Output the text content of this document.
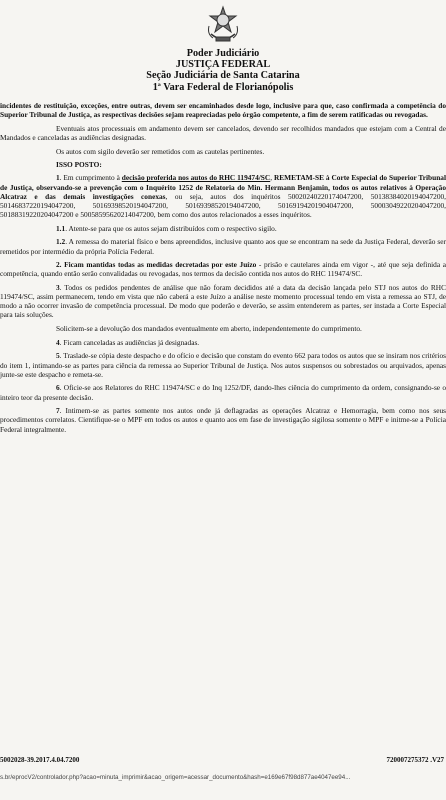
Poder Judiciário
JUSTIÇA FEDERAL
Seção Judiciária de Santa Catarina
1ª Vara Federal de Florianópolis

incidentes de restituição, exceções, entre outras, devem ser encaminhados desde logo, inclusive para que, caso confirmada a competência do Superior Tribunal de Justiça, as respectivas decisões sejam reapreciadas pelo órgão competente, a fim de serem ratificadas ou revogadas.

Eventuais atos processuais em andamento devem ser cancelados, devendo ser recolhidos mandados que estejam com a Central de Mandados e canceladas as audiências designadas.

Os autos com sigilo deverão ser remetidos com as cautelas pertinentes.

ISSO POSTO:

1. Em cumprimento à decisão proferida nos autos do RHC 119474/SC, REMETAM-SE à Corte Especial do Superior Tribunal de Justiça, observando-se a prevenção com o Inquérito 1252 de Relatoria do Min. Hermann Benjamin, todos os autos relativos à Operação Alcatraz e das demais investigações conexas, ou seja, autos dos inquéritos 50020240220174047200, 50138384020194047200, 50146837220194047200, 50169398520194047200, 50169398520194047200, 50169194201904047200, 50003049220204047200, 50188319220204047200 e 50058595620214047200, bem como dos autos relacionados a esses inquéritos.

1.1. Atente-se para que os autos sejam distribuídos com o respectivo sigilo.

1.2. A remessa do material físico e bens apreendidos, inclusive quanto aos que se encontram na sede da Justiça Federal, deverão ser remetidos por intermédio da própria Polícia Federal.

2. Ficam mantidas todas as medidas decretadas por este Juízo - prisão e cautelares ainda em vigor -, até que seja definida a competência, quando então serão convalidadas ou revogadas, nos termos da decisão contida nos autos do RHC 119474/SC.

3. Todos os pedidos pendentes de análise que não foram decididos até a data da decisão lançada pelo STJ nos autos do RHC 119474/SC, assim permanecem, tendo em vista que não caberá a este Juízo a análise neste momento processual tendo em vista a remessa ao STJ, de modo a não ocorrer invasão de competência processual. De modo que poderão e deverão, se assim entenderem as partes, ser instada a Corte Especial para tais soluções.

Solicitem-se a devolução dos mandados eventualmente em aberto, independentemente do cumprimento.

4. Ficam canceladas as audiências já designadas.

5. Traslade-se cópia deste despacho e do ofício e decisão que constam do evento 662 para todos os autos que se insiram nos critérios do item 1, intimando-se as partes para ciência da remessa ao Superior Tribunal de Justiça. Nos autos suspensos ou sobrestados ou arquivados, apenas junte-se este despacho e remeta-se.

6. Oficie-se aos Relatores do RHC 119474/SC e do Inq 1252/DF, dando-lhes ciência do cumprimento da ordem, consignando-se o inteiro teor da presente decisão.

7. Intimem-se as partes somente nos autos onde já deflagradas as operações Alcatraz e Hemorragia, bem como nos seus procedimentos correlatos. Cientifique-se o MPF em todos os autos e quanto aos em fase de investigação sigilosa somente o MPF e initme-se a Polícia Federal integralmente.

5002028-39.2017.4.04.7200	720007275372 .V27
s.br/eprocV2/controlador.php?acao=minuta_imprimir&acao_origem=acessar_documento&hash=e169e67f98d877ae4047ee94...
